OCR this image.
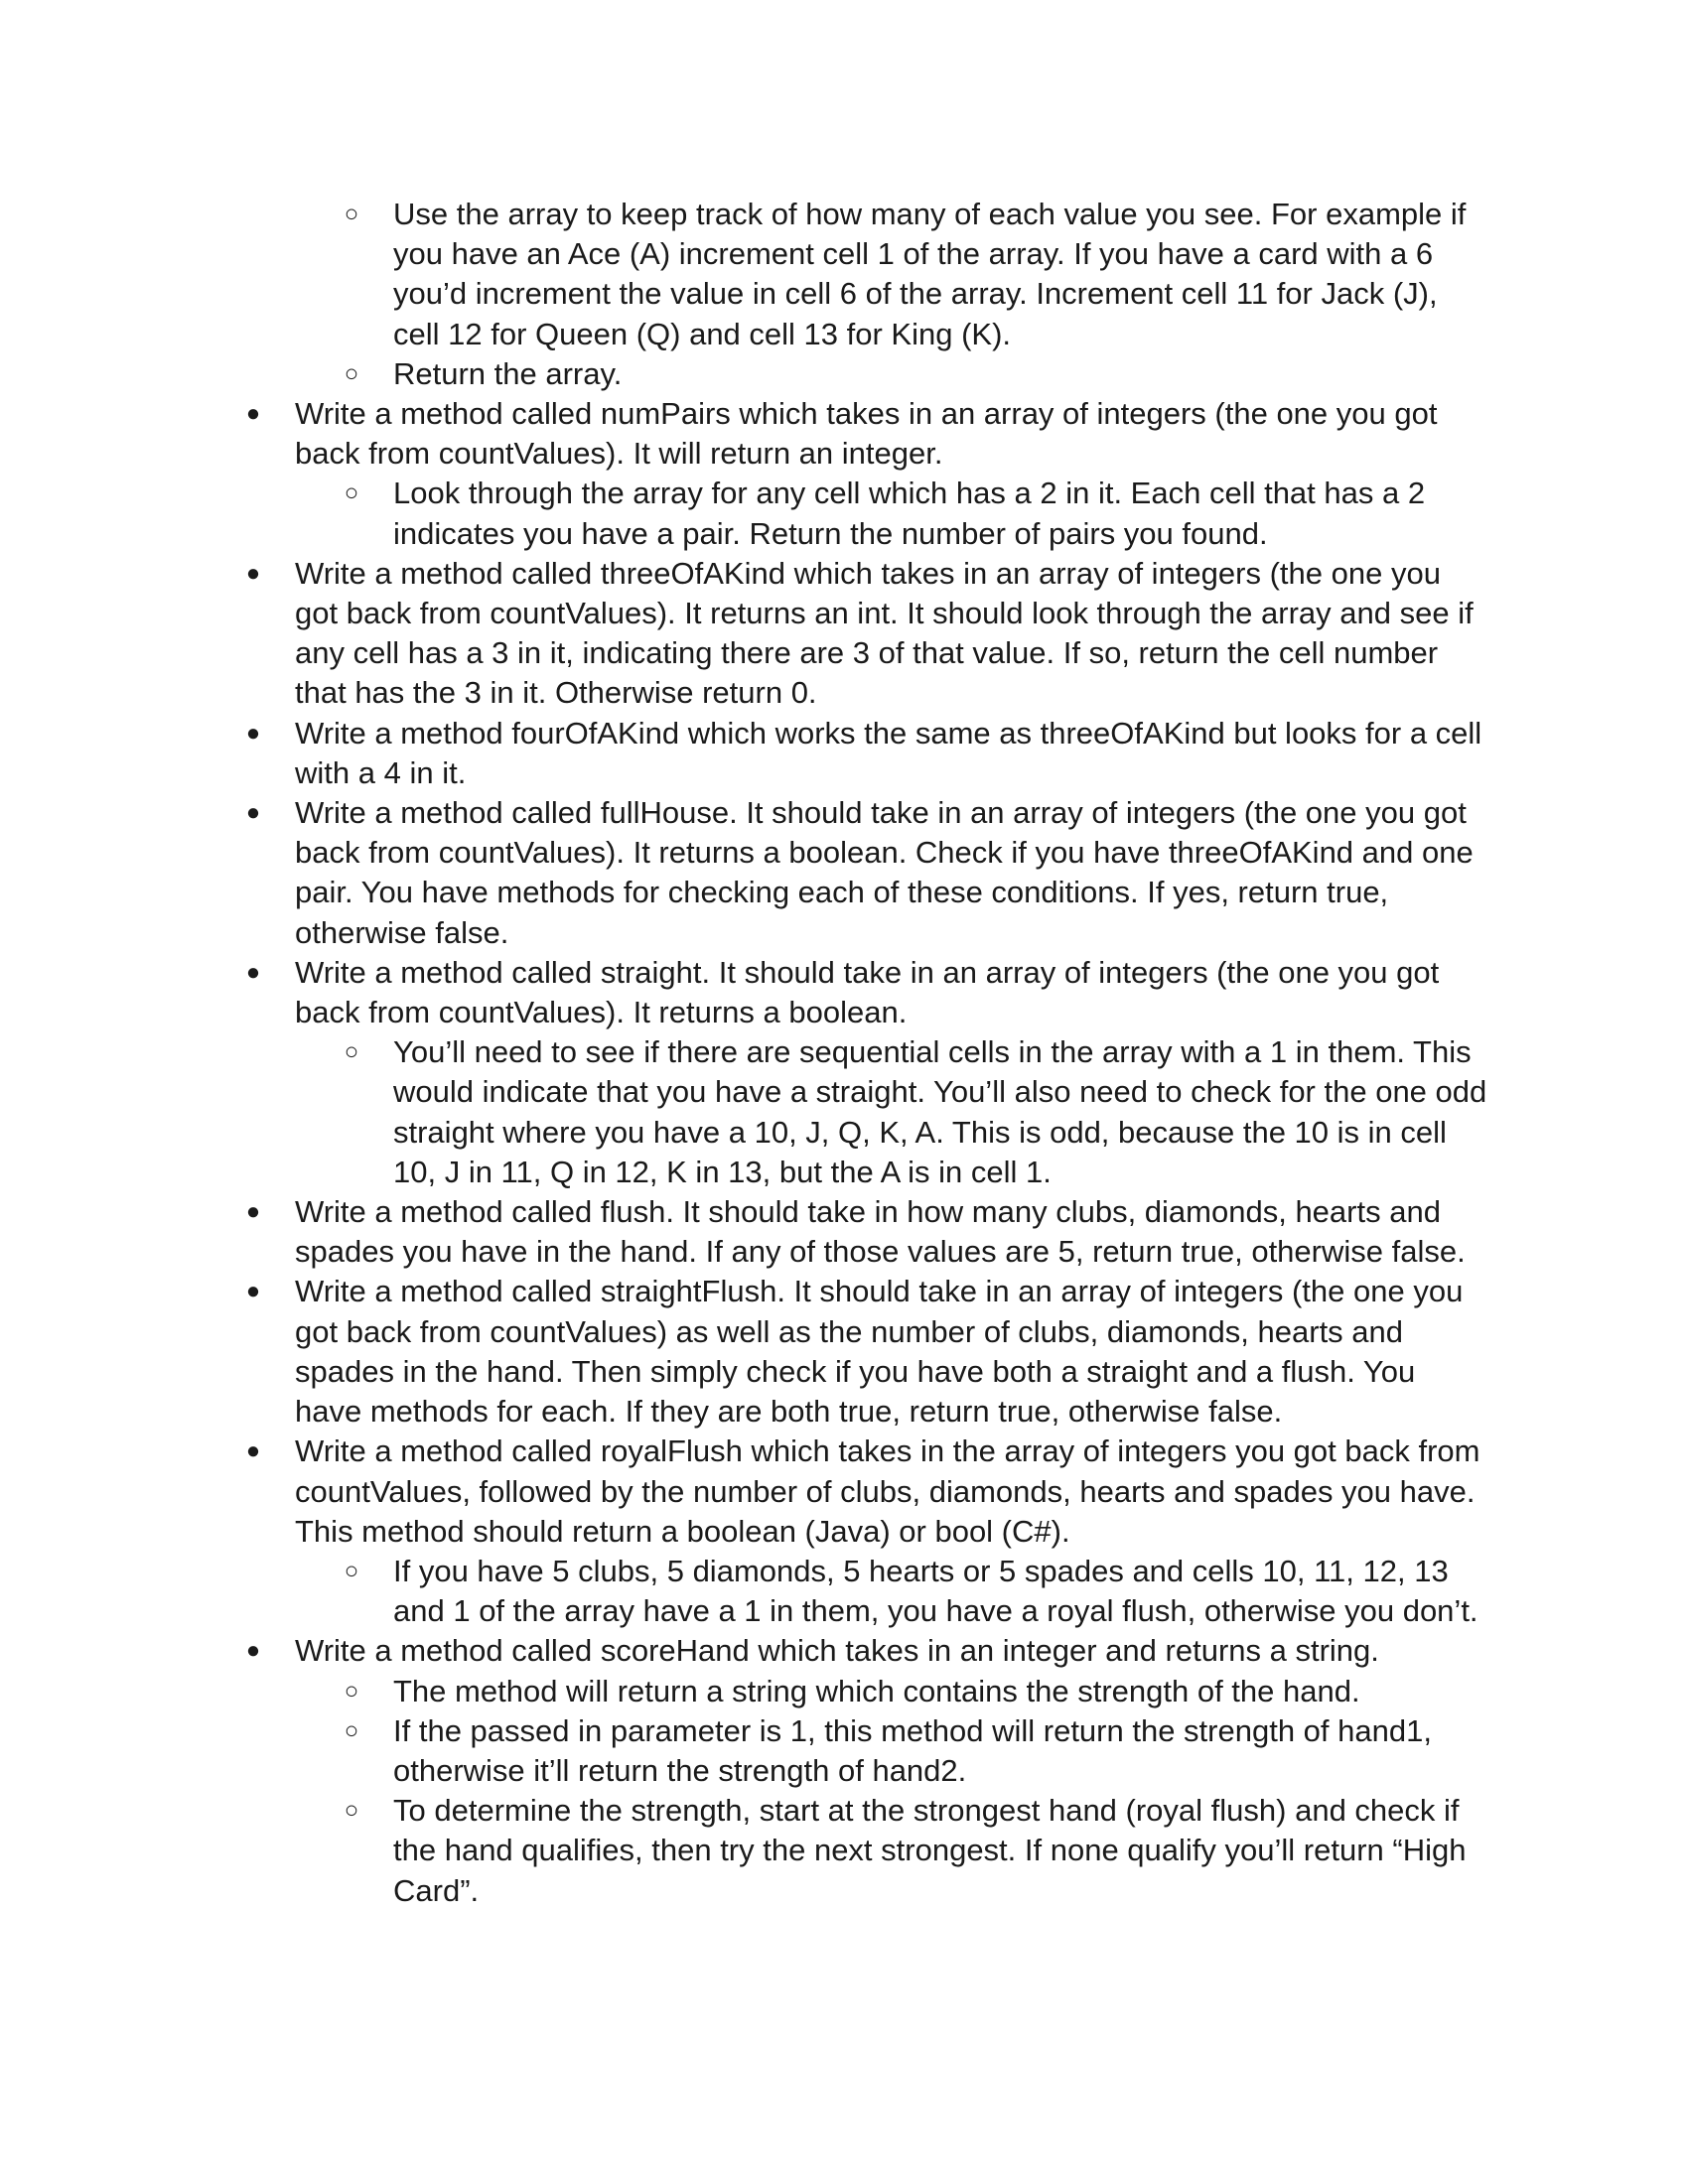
○ Use the array to keep track of how many of each value you see. For example if you have an Ace (A) increment cell 1 of the array. If you have a card with a 6 you’d increment the value in cell 6 of the array. Increment cell 11 for Jack (J), cell 12 for Queen (Q) and cell 13 for King (K).
○ Return the array.
● Write a method called numPairs which takes in an array of integers (the one you got back from countValues). It will return an integer.
○ Look through the array for any cell which has a 2 in it. Each cell that has a 2 indicates you have a pair. Return the number of pairs you found.
● Write a method called threeOfAKind which takes in an array of integers (the one you got back from countValues). It returns an int. It should look through the array and see if any cell has a 3 in it, indicating there are 3 of that value. If so, return the cell number that has the 3 in it. Otherwise return 0.
● Write a method fourOfAKind which works the same as threeOfAKind but looks for a cell with a 4 in it.
● Write a method called fullHouse. It should take in an array of integers (the one you got back from countValues). It returns a boolean. Check if you have threeOfAKind and one pair. You have methods for checking each of these conditions. If yes, return true, otherwise false.
● Write a method called straight. It should take in an array of integers (the one you got back from countValues). It returns a boolean.
○ You’ll need to see if there are sequential cells in the array with a 1 in them. This would indicate that you have a straight. You’ll also need to check for the one odd straight where you have a 10, J, Q, K, A. This is odd, because the 10 is in cell 10, J in 11, Q in 12, K in 13, but the A is in cell 1.
● Write a method called flush. It should take in how many clubs, diamonds, hearts and spades you have in the hand. If any of those values are 5, return true, otherwise false.
● Write a method called straightFlush. It should take in an array of integers (the one you got back from countValues) as well as the number of clubs, diamonds, hearts and spades in the hand. Then simply check if you have both a straight and a flush. You have methods for each. If they are both true, return true, otherwise false.
● Write a method called royalFlush which takes in the array of integers you got back from countValues, followed by the number of clubs, diamonds, hearts and spades you have. This method should return a boolean (Java) or bool (C#).
○ If you have 5 clubs, 5 diamonds, 5 hearts or 5 spades and cells 10, 11, 12, 13 and 1 of the array have a 1 in them, you have a royal flush, otherwise you don’t.
● Write a method called scoreHand which takes in an integer and returns a string.
○ The method will return a string which contains the strength of the hand.
○ If the passed in parameter is 1, this method will return the strength of hand1, otherwise it’ll return the strength of hand2.
○ To determine the strength, start at the strongest hand (royal flush) and check if the hand qualifies, then try the next strongest. If none qualify you’ll return “High Card”.
